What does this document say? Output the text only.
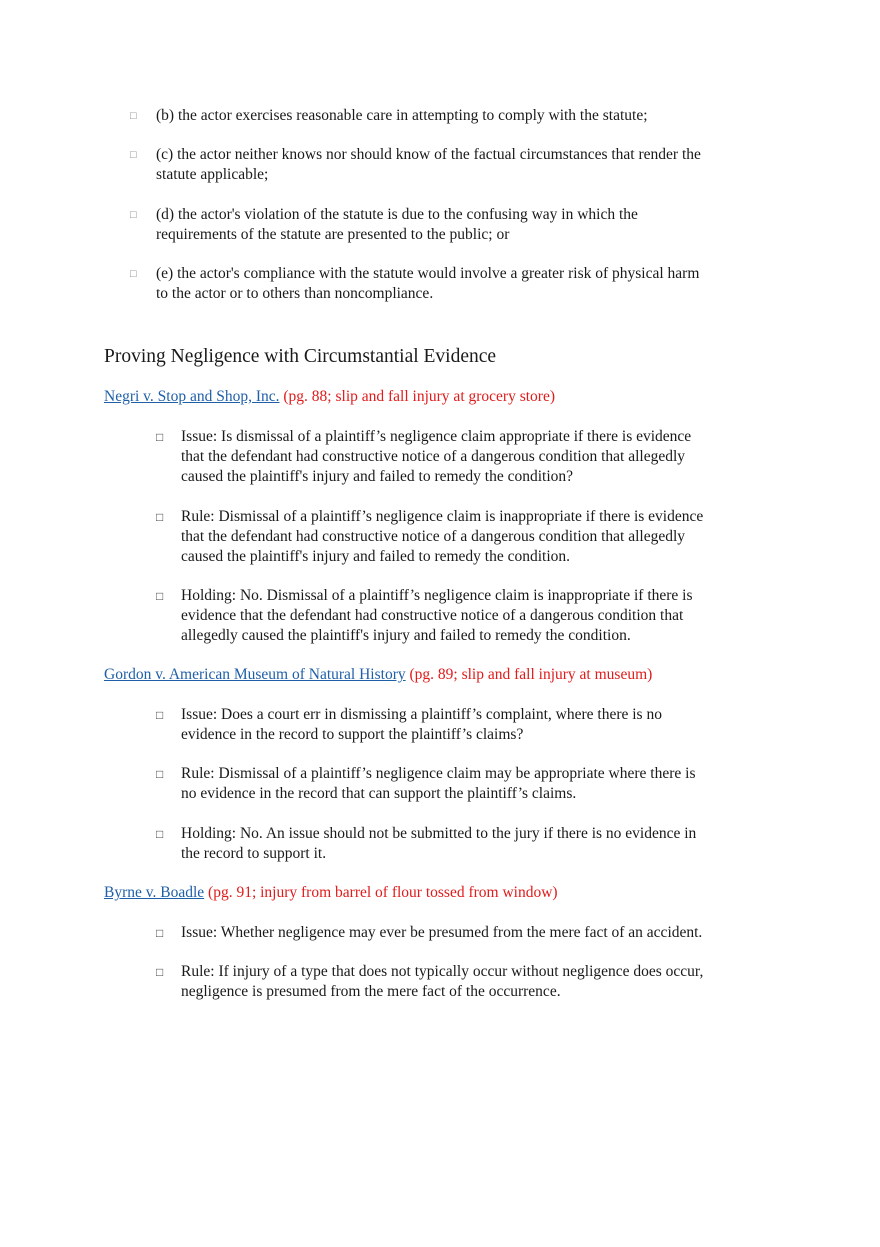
□ (b) the actor exercises reasonable care in attempting to comply with the statute;
□ (c) the actor neither knows nor should know of the factual circumstances that render the
statute applicable;
□ (d) the actor's violation of the statute is due to the confusing way in which the
requirements of the statute are presented to the public; or
□ (e) the actor's compliance with the statute would involve a greater risk of physical harm
to the actor or to others than noncompliance.
Proving Negligence with Circumstantial Evidence
Negri v. Stop and Shop, Inc. (pg. 88; slip and fall injury at grocery store)
□ Issue: Is dismissal of a plaintiff’s negligence claim appropriate if there is evidence
that the defendant had constructive notice of a dangerous condition that allegedly
caused the plaintiff's injury and failed to remedy the condition?
□ Rule: Dismissal of a plaintiff’s negligence claim is inappropriate if there is evidence
that the defendant had constructive notice of a dangerous condition that allegedly
caused the plaintiff's injury and failed to remedy the condition.
□ Holding: No. Dismissal of a plaintiff’s negligence claim is inappropriate if there is
evidence that the defendant had constructive notice of a dangerous condition that
allegedly caused the plaintiff's injury and failed to remedy the condition.
Gordon v. American Museum of Natural History (pg. 89; slip and fall injury at museum)
□ Issue: Does a court err in dismissing a plaintiff’s complaint, where there is no
evidence in the record to support the plaintiff’s claims?
□ Rule: Dismissal of a plaintiff’s negligence claim may be appropriate where there is
no evidence in the record that can support the plaintiff’s claims.
□ Holding: No. An issue should not be submitted to the jury if there is no evidence in
the record to support it.
Byrne v. Boadle (pg. 91; injury from barrel of flour tossed from window)
□ Issue: Whether negligence may ever be presumed from the mere fact of an accident.
□ Rule: If injury of a type that does not typically occur without negligence does occur,
negligence is presumed from the mere fact of the occurrence.
